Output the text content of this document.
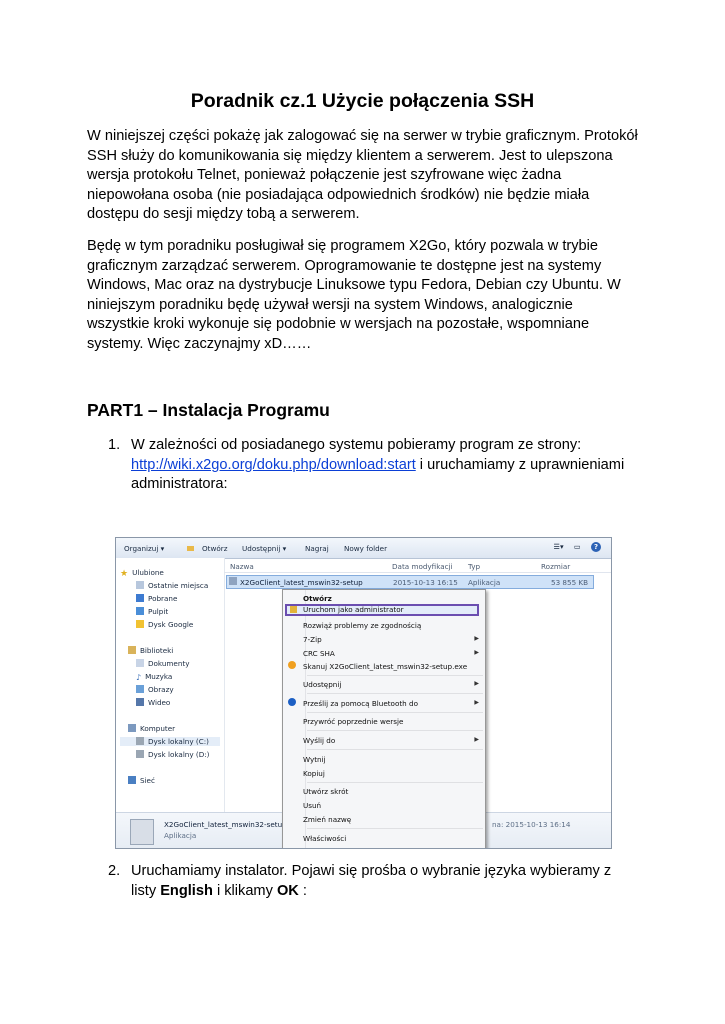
Poradnik cz.1 Użycie połączenia SSH
W niniejszej części pokażę jak zalogować się na serwer w trybie graficznym. Protokół
SSH służy do komunikowania się między klientem a serwerem. Jest to ulepszona
wersja protokołu Telnet, ponieważ połączenie jest szyfrowane więc żadna
niepowołana osoba (nie posiadająca odpowiednich środków) nie będzie miała
dostępu do sesji między tobą a serwerem.
Będę w tym poradniku posługiwał się programem X2Go, który pozwala w trybie
graficznym zarządzać serwerem. Oprogramowanie te dostępne jest na systemy
Windows, Mac oraz na dystrybucje Linuksowe typu Fedora, Debian czy Ubuntu. W
niniejszym poradniku będę używał wersji na system Windows, analogicznie
wszystkie kroki wykonuje się podobnie w wersjach na pozostałe, wspomniane
systemy. Więc zaczynajmy xD……
PART1 – Instalacja Programu
1. W zależności od posiadanego systemu pobieramy program ze strony:
http://wiki.x2go.org/doku.php/download:start i uruchamiamy z uprawnieniami
administratora:
Organizuj ▾	Otwórz Udostępnij ▾	Nagraj Nowy folder	☰▾ ▭ ?
★ Ulubione
Ostatnie miejsca
Pobrane
Pulpit
Dysk Google
Biblioteki
Dokumenty
♪ Muzyka
Obrazy
Wideo
Komputer
Dysk lokalny (C:)
Dysk lokalny (D:)
Sieć
Nazwa	Data modyfikacji Typ	Rozmiar
X2GoClient_latest_mswin32-setup	2015-10-13 16:15 Aplikacja	53 855 KB
X2GoClient_latest_mswin32-setu
Aplikacja
na: 2015-10-13 16:14
Otwórz
Uruchom jako administrator
Rozwiąż problemy ze zgodnością
7-Zip	▶
CRC SHA	▶
Skanuj X2GoClient_latest_mswin32-setup.exe
Udostępnij	▶
Prześlij za pomocą Bluetooth do	▶
Przywróć poprzednie wersje
Wyślij do	▶
Wytnij
Kopiuj
Utwórz skrót
Usuń
Zmień nazwę
Właściwości
2. Uruchamiamy instalator. Pojawi się prośba o wybranie języka wybieramy z
listy English i klikamy OK :
